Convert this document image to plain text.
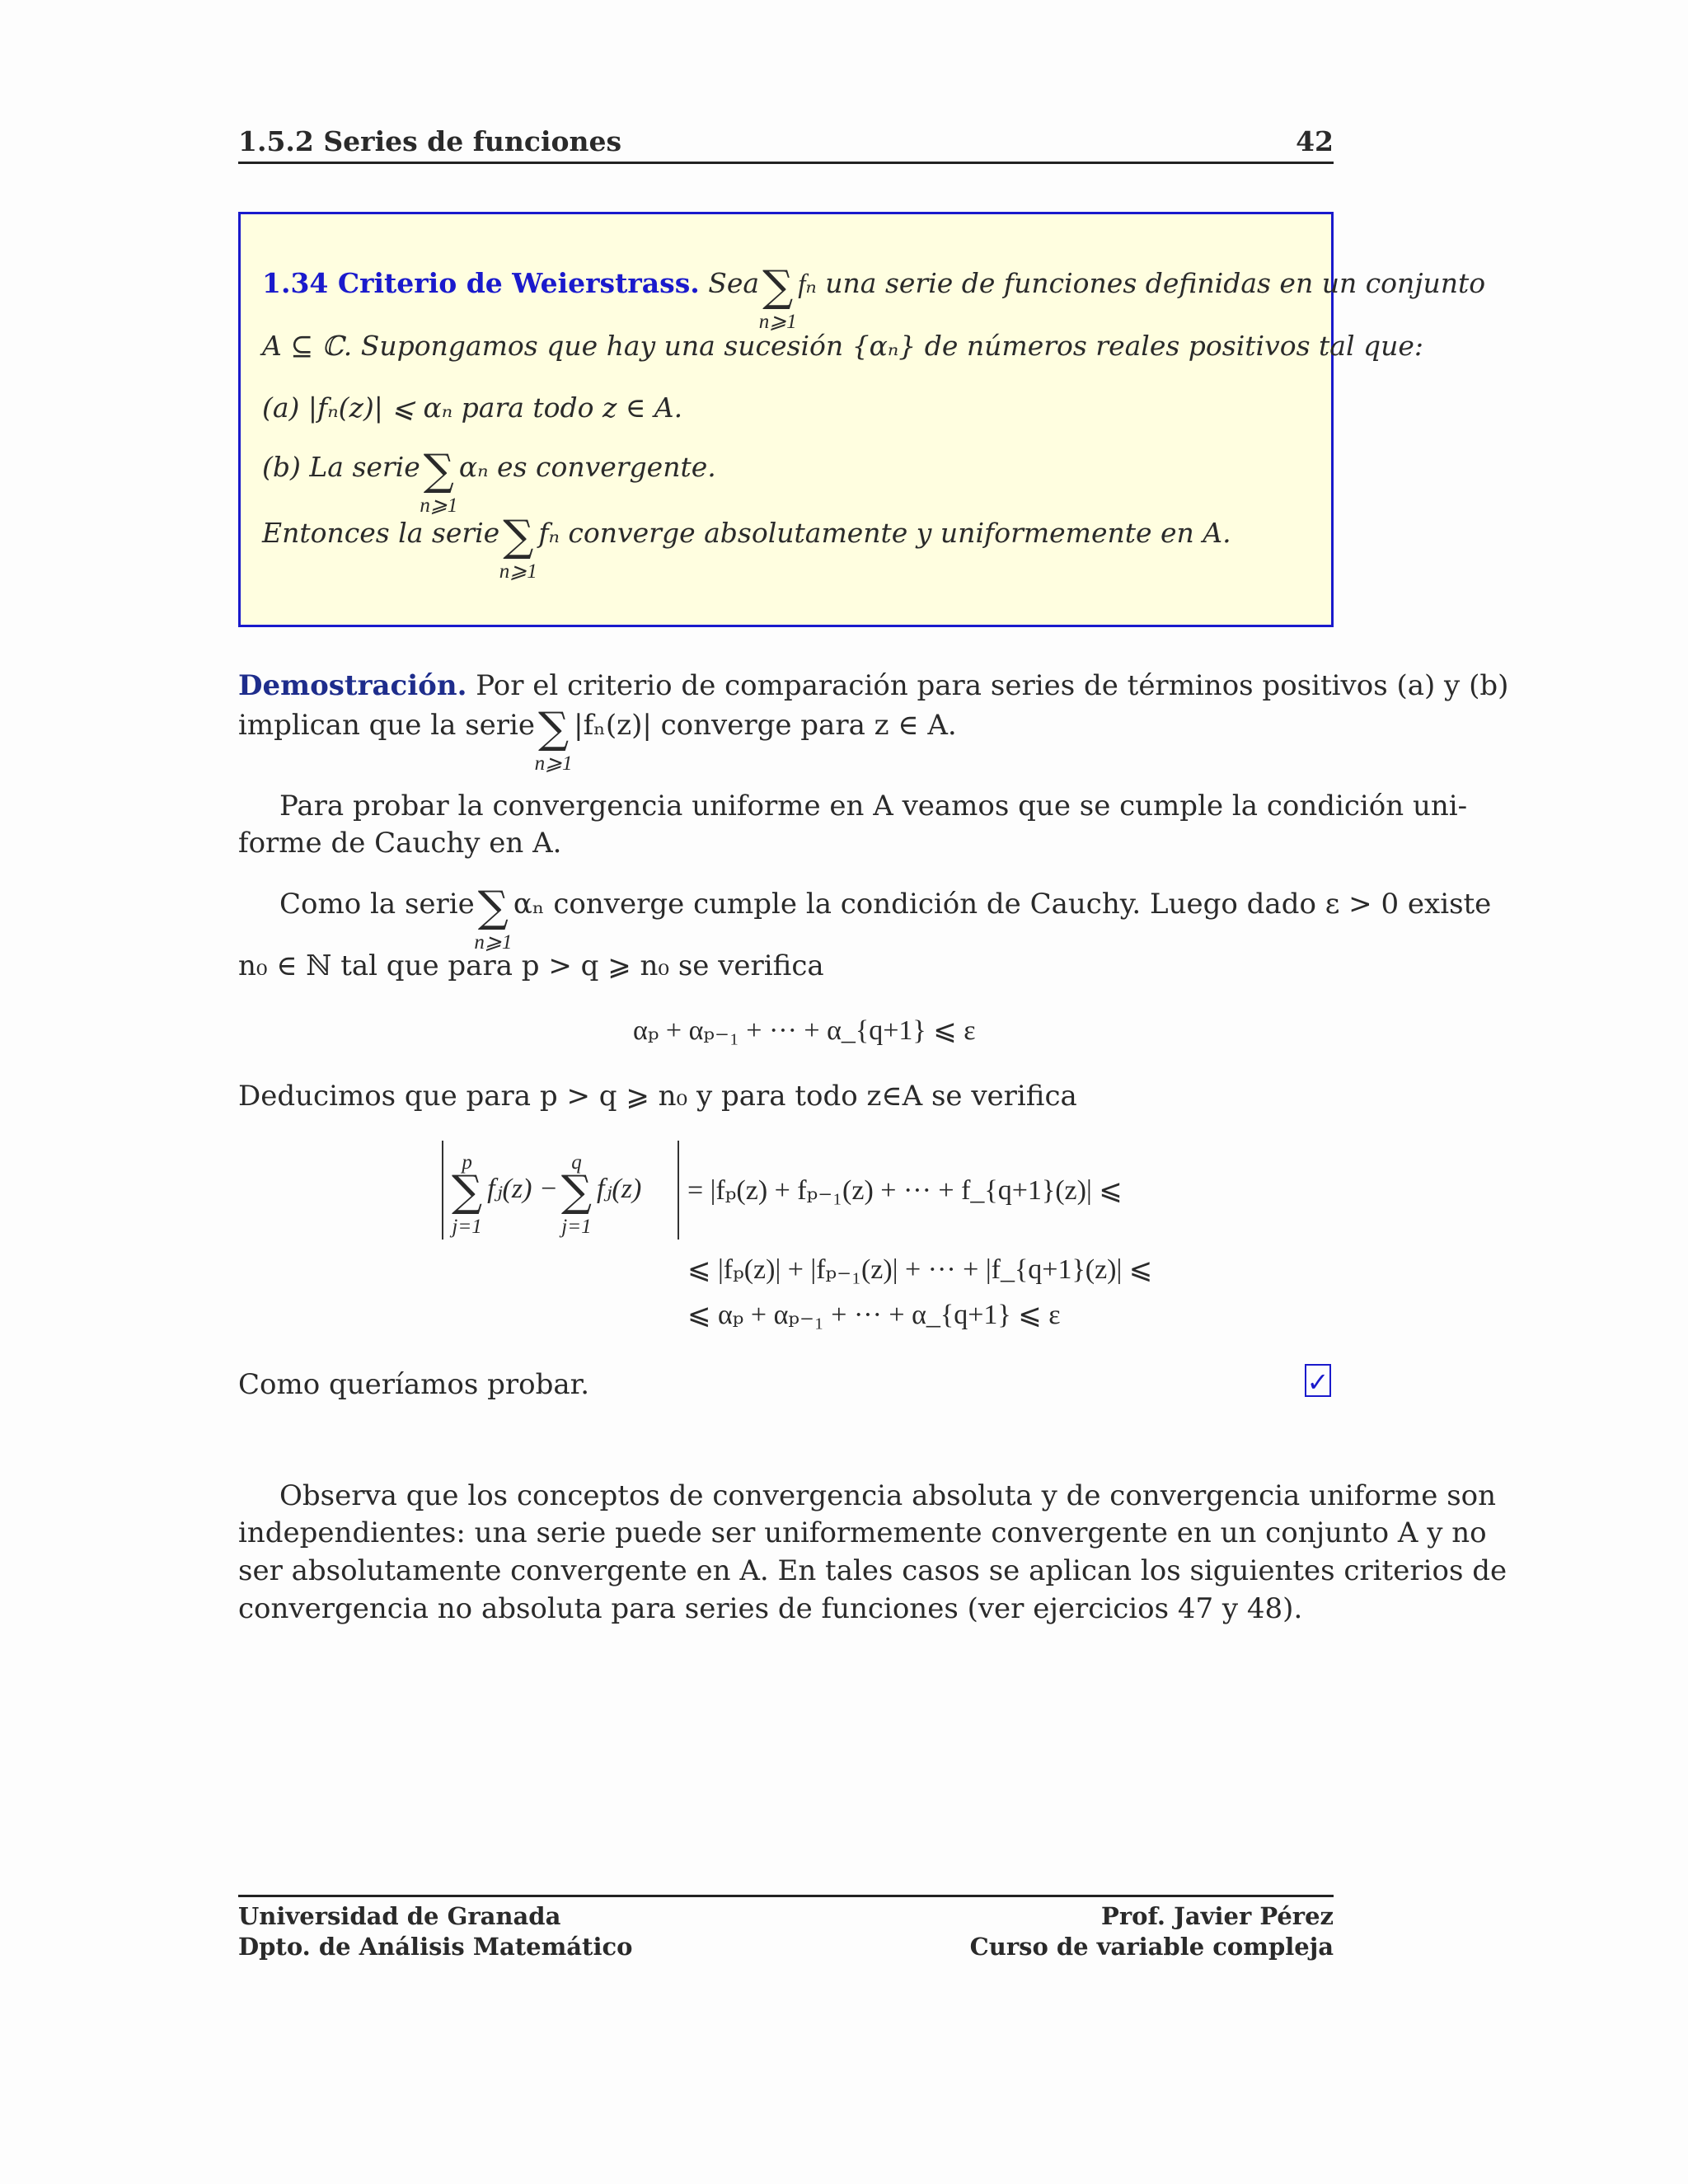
1.5.2 Series de funciones	42
1.34 Criterio de Weierstrass. Sea∑
n⩾1
fₙ una serie de funciones definidas en un conjunto
A ⊆ ℂ. Supongamos que hay una sucesión {αₙ} de números reales positivos tal que:
(a) |fₙ(z)| ⩽ αₙ para todo z ∈ A.
(b) La serie∑
n⩾1
αₙ es convergente.
Entonces la serie∑
n⩾1
fₙ converge absolutamente y uniformemente en A.
Demostración. Por el criterio de comparación para series de términos positivos (a) y (b)
implican que la serie∑
n⩾1
|fₙ(z)| converge para z ∈ A.
Para probar la convergencia uniforme en A veamos que se cumple la condición uni-
forme de Cauchy en A.
Como la serie∑
n⩾1
αₙ converge cumple la condición de Cauchy. Luego dado ε > 0 existe
n₀ ∈ ℕ tal que para p > q ⩾ n₀ se verifica
αₚ + αₚ₋₁ + ··· + α_{q+1} ⩽ ε
Deducimos que para p > q ⩾ n₀ y para todo z∈A se verifica
∑
p
j=1
fⱼ(z) −∑
q
j=1
fⱼ(z) = |fₚ(z) + fₚ₋₁(z) + ··· + f_{q+1}(z)| ⩽
⩽ |fₚ(z)| + |fₚ₋₁(z)| + ··· + |f_{q+1}(z)| ⩽
⩽ αₚ + αₚ₋₁ + ··· + α_{q+1} ⩽ ε
Como queríamos probar.	✓
Observa que los conceptos de convergencia absoluta y de convergencia uniforme son
independientes: una serie puede ser uniformemente convergente en un conjunto A y no
ser absolutamente convergente en A. En tales casos se aplican los siguientes criterios de
convergencia no absoluta para series de funciones (ver ejercicios 47 y 48).
Universidad de Granada
Dpto. de Análisis Matemático
Prof. Javier Pérez
Curso de variable compleja
